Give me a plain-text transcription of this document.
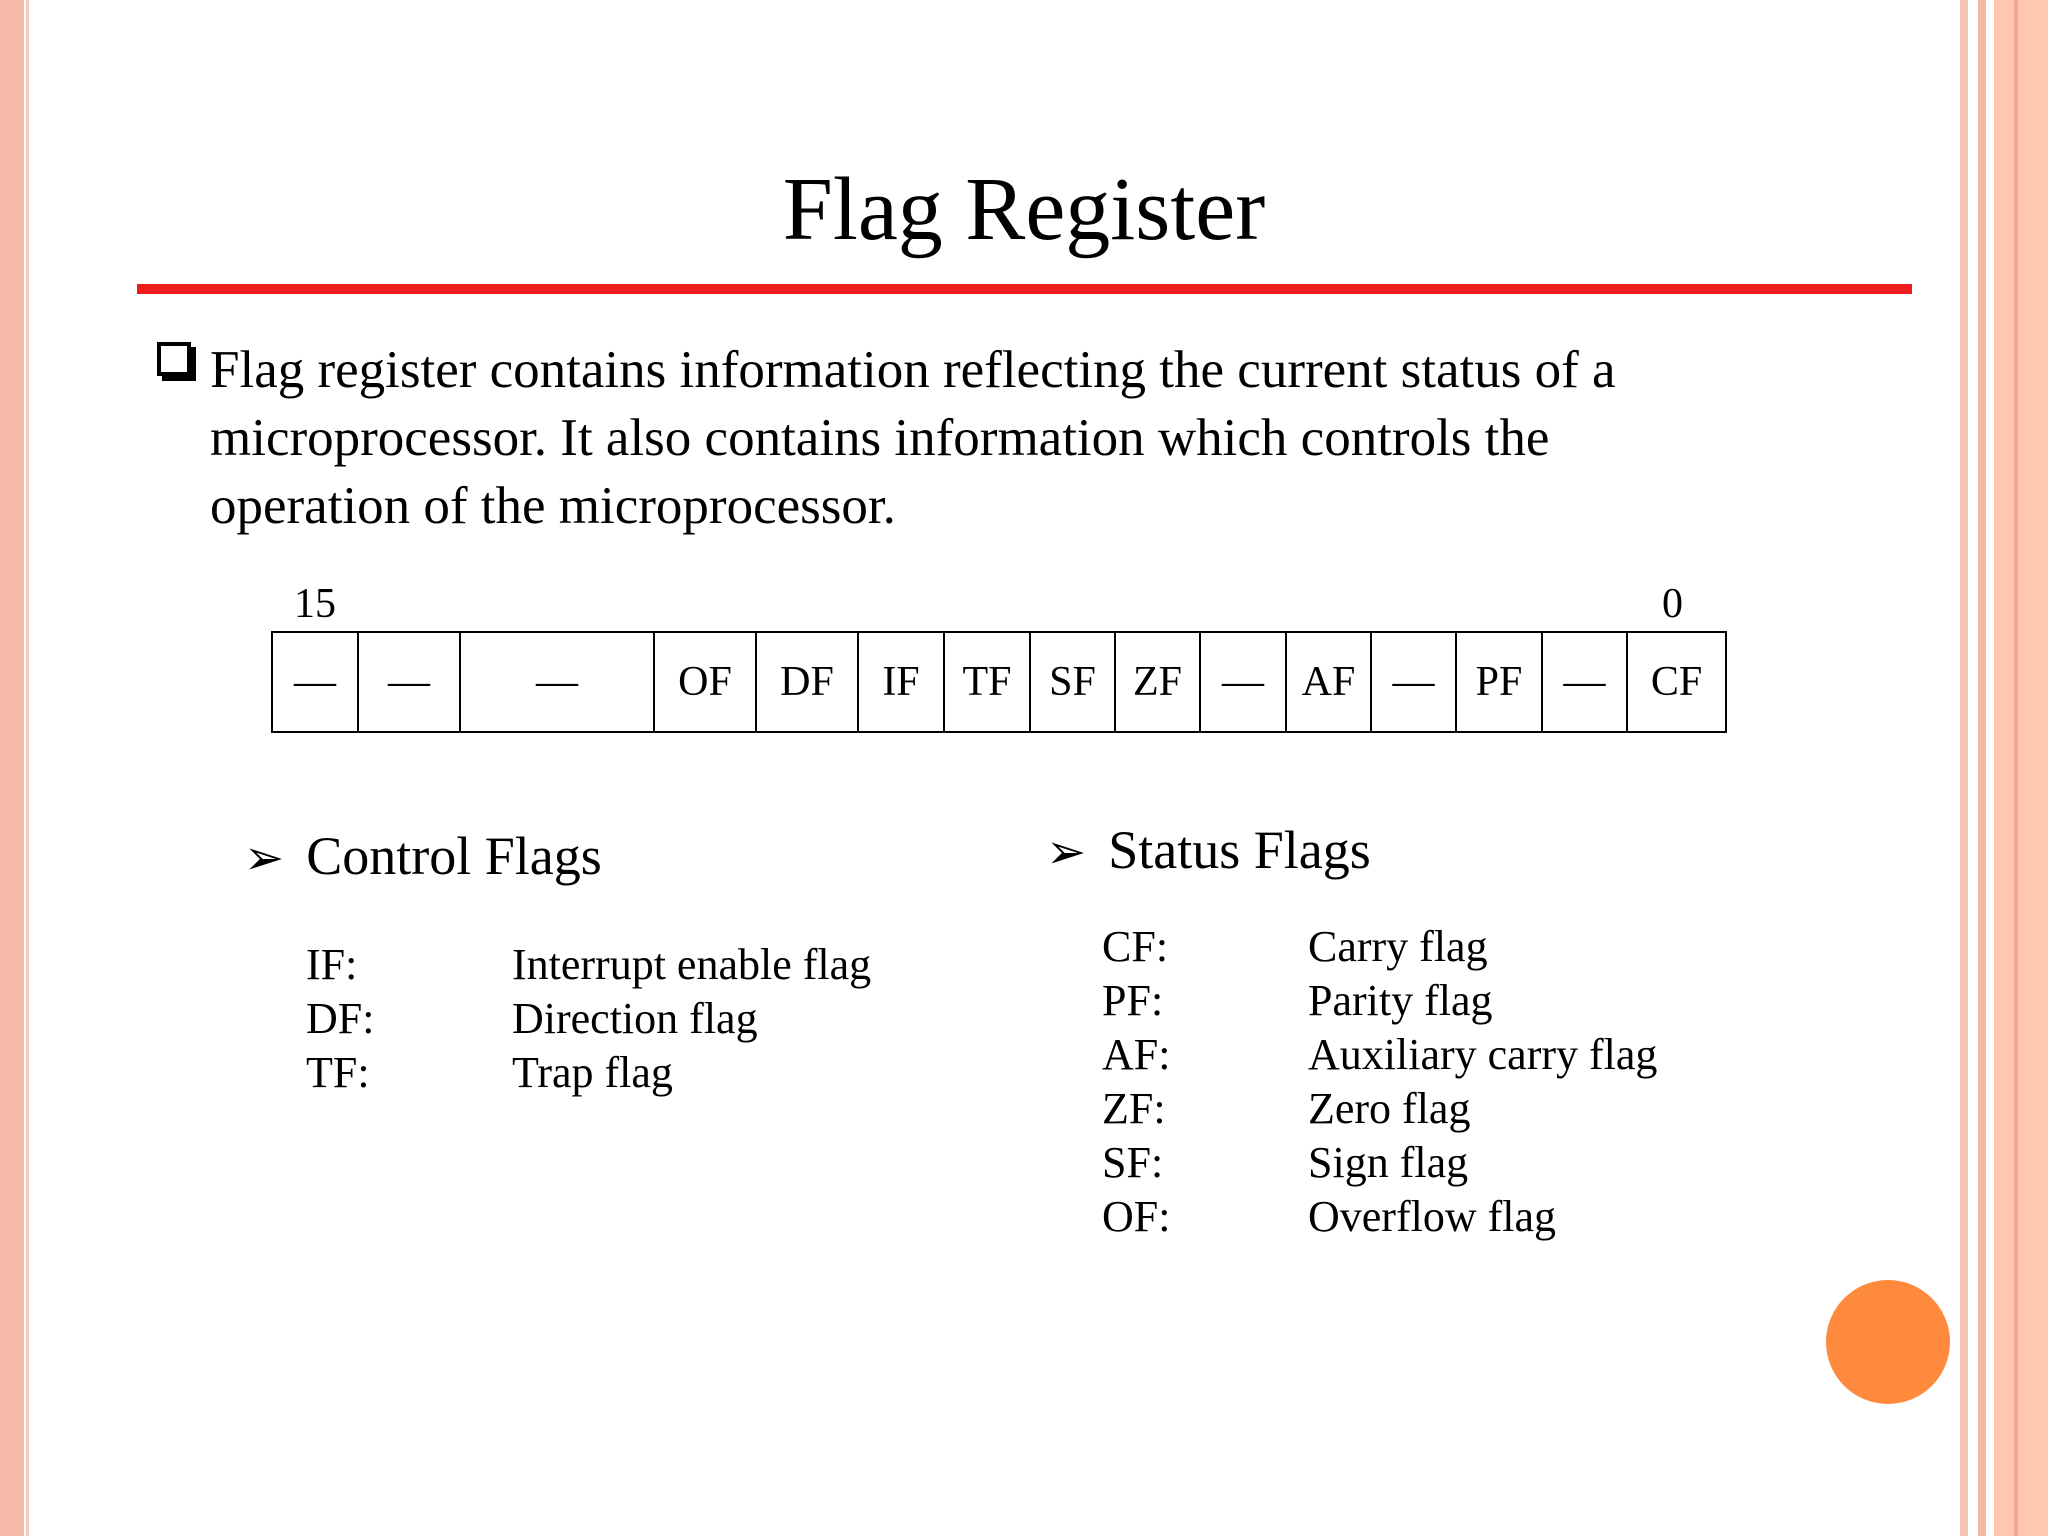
Flag Register
Flag register contains information reflecting the current status of a
microprocessor. It also contains information which controls the
operation of the microprocessor.
15	0
—	—	—	OF	DF	IF	TF SF ZF — AF — PF —	CF
➢ Control Flags	➢ Status Flags
IF:	Interrupt enable flag
DF:	Direction flag
TF:	Trap flag
CF:	Carry flag
PF:	Parity flag
AF:	Auxiliary carry flag
ZF:	Zero flag
SF:	Sign flag
OF:	Overflow flag
